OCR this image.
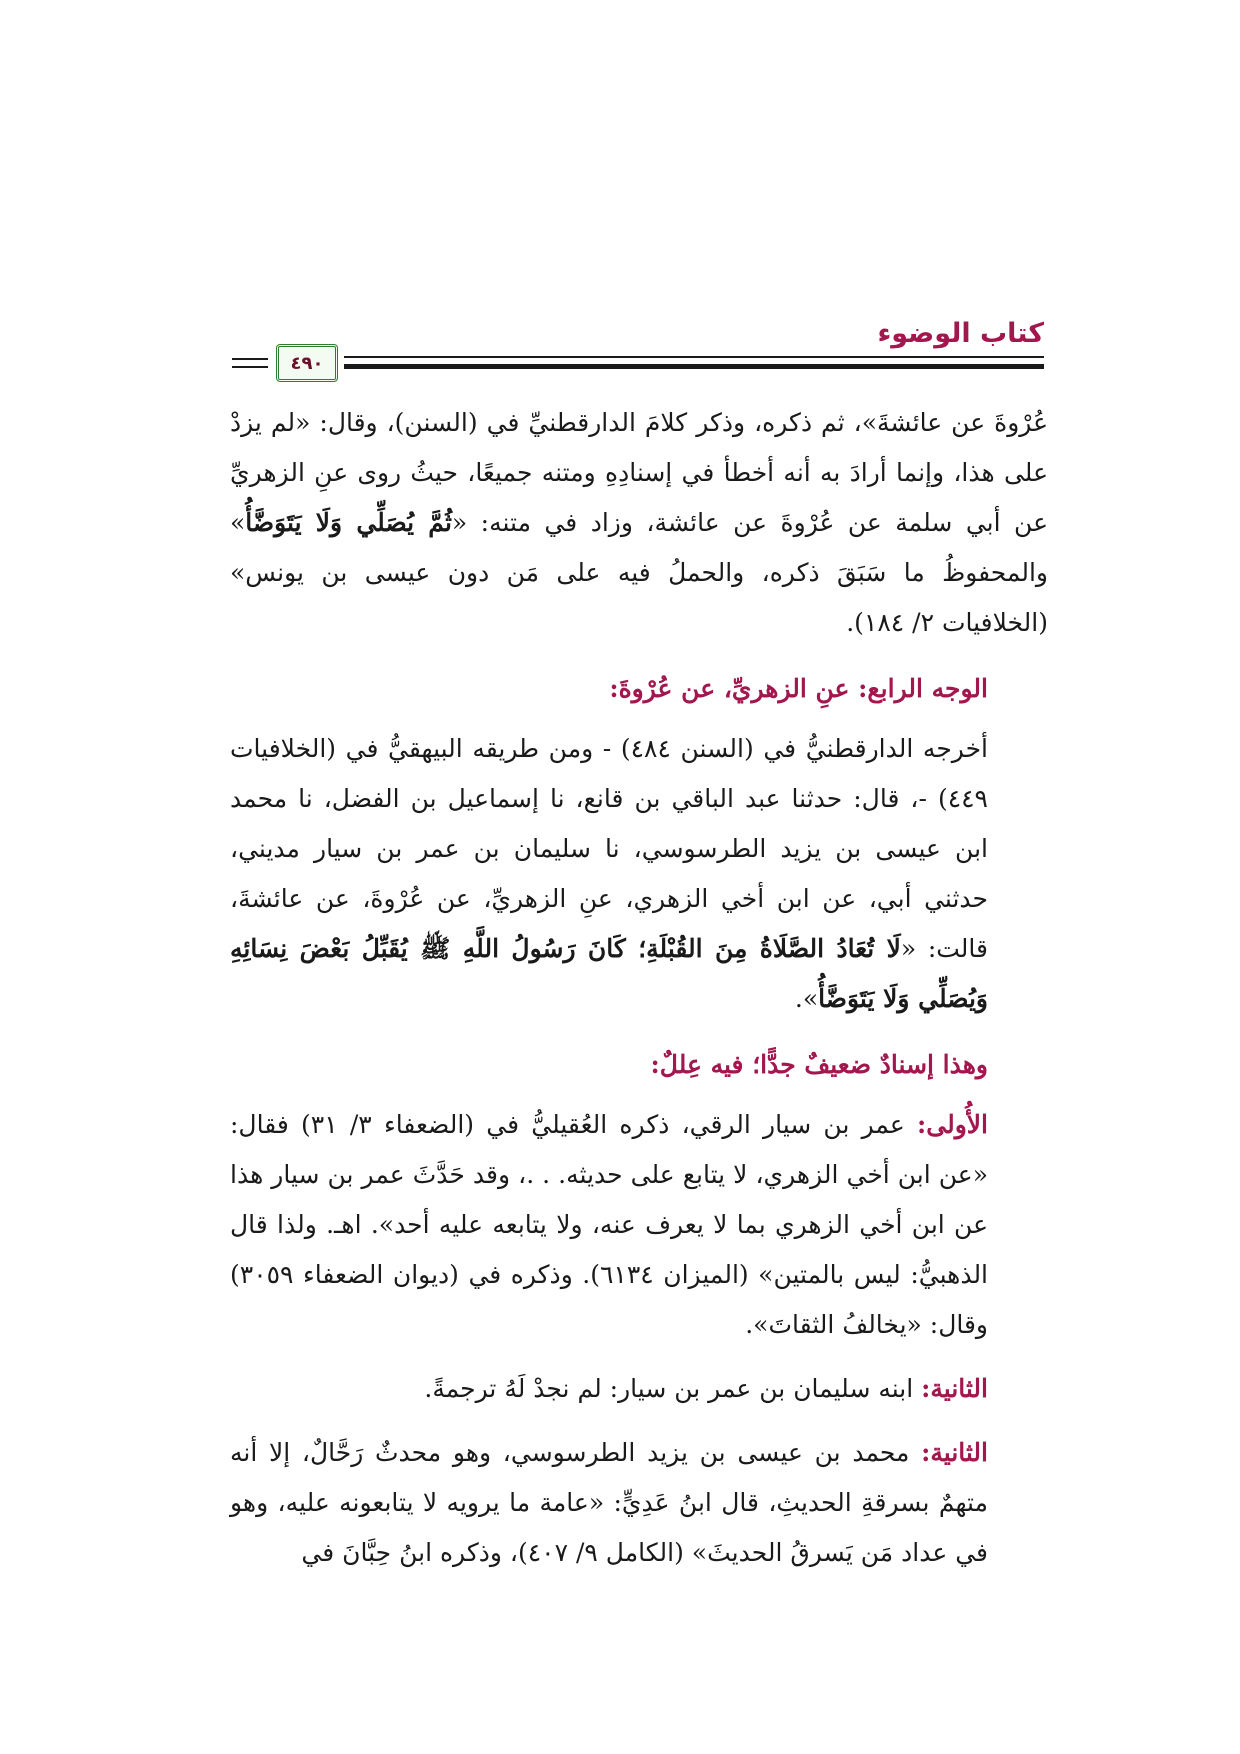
كتاب الوضوء
٤٩٠

عُرْوةَ عن عائشةَ»، ثم ذكره، وذكر كلامَ الدارقطنيِّ في (السنن)، وقال: «لم يزدْ على هذا، وإنما أرادَ به أنه أخطأ في إسنادِهِ ومتنه جميعًا، حيثُ روى عنِ الزهريِّ عن أبي سلمة عن عُرْوةَ عن عائشة، وزاد في متنه: «ثُمَّ يُصَلِّي وَلَا يَتَوَضَّأُ» والمحفوظُ ما سَبَقَ ذكره، والحملُ فيه على مَن دون عيسى بن يونس» (الخلافيات ٢/ ١٨٤).

الوجه الرابع: عنِ الزهريِّ، عن عُرْوةَ:

أخرجه الدارقطنيُّ في (السنن ٤٨٤) - ومن طريقه البيهقيُّ في (الخلافيات ٤٤٩) -، قال: حدثنا عبد الباقي بن قانع، نا إسماعيل بن الفضل، نا محمد ابن عيسى بن يزيد الطرسوسي، نا سليمان بن عمر بن سيار مديني، حدثني أبي، عن ابن أخي الزهري، عنِ الزهريِّ، عن عُرْوةَ، عن عائشةَ، قالت: «لَا تُعَادُ الصَّلَاةُ مِنَ القُبْلَةِ؛ كَانَ رَسُولُ اللَّهِ ﷺ يُقَبِّلُ بَعْضَ نِسَائِهِ وَيُصَلِّي وَلَا يَتَوَضَّأُ».

وهذا إسنادٌ ضعيفٌ جدًّا؛ فيه عِللٌ:

الأُولى: عمر بن سيار الرقي، ذكره العُقيليُّ في (الضعفاء ٣/ ٣١) فقال: «عن ابن أخي الزهري، لا يتابع على حديثه. . .، وقد حَدَّثَ عمر بن سيار هذا عن ابن أخي الزهري بما لا يعرف عنه، ولا يتابعه عليه أحد». اهـ. ولذا قال الذهبيُّ: ليس بالمتين» (الميزان ٦١٣٤). وذكره في (ديوان الضعفاء ٣٠٥٩) وقال: «يخالفُ الثقاتَ».

الثانية: ابنه سليمان بن عمر بن سيار: لم نجدْ لَهُ ترجمةً.

الثانية: محمد بن عيسى بن يزيد الطرسوسي، وهو محدثٌ رَحَّالٌ، إلا أنه متهمٌ بسرقةِ الحديثِ، قال ابنُ عَدِيٍّ: «عامة ما يرويه لا يتابعونه عليه، وهو في عداد مَن يَسرقُ الحديثَ» (الكامل ٩/ ٤٠٧)، وذكره ابنُ حِبَّانَ في
